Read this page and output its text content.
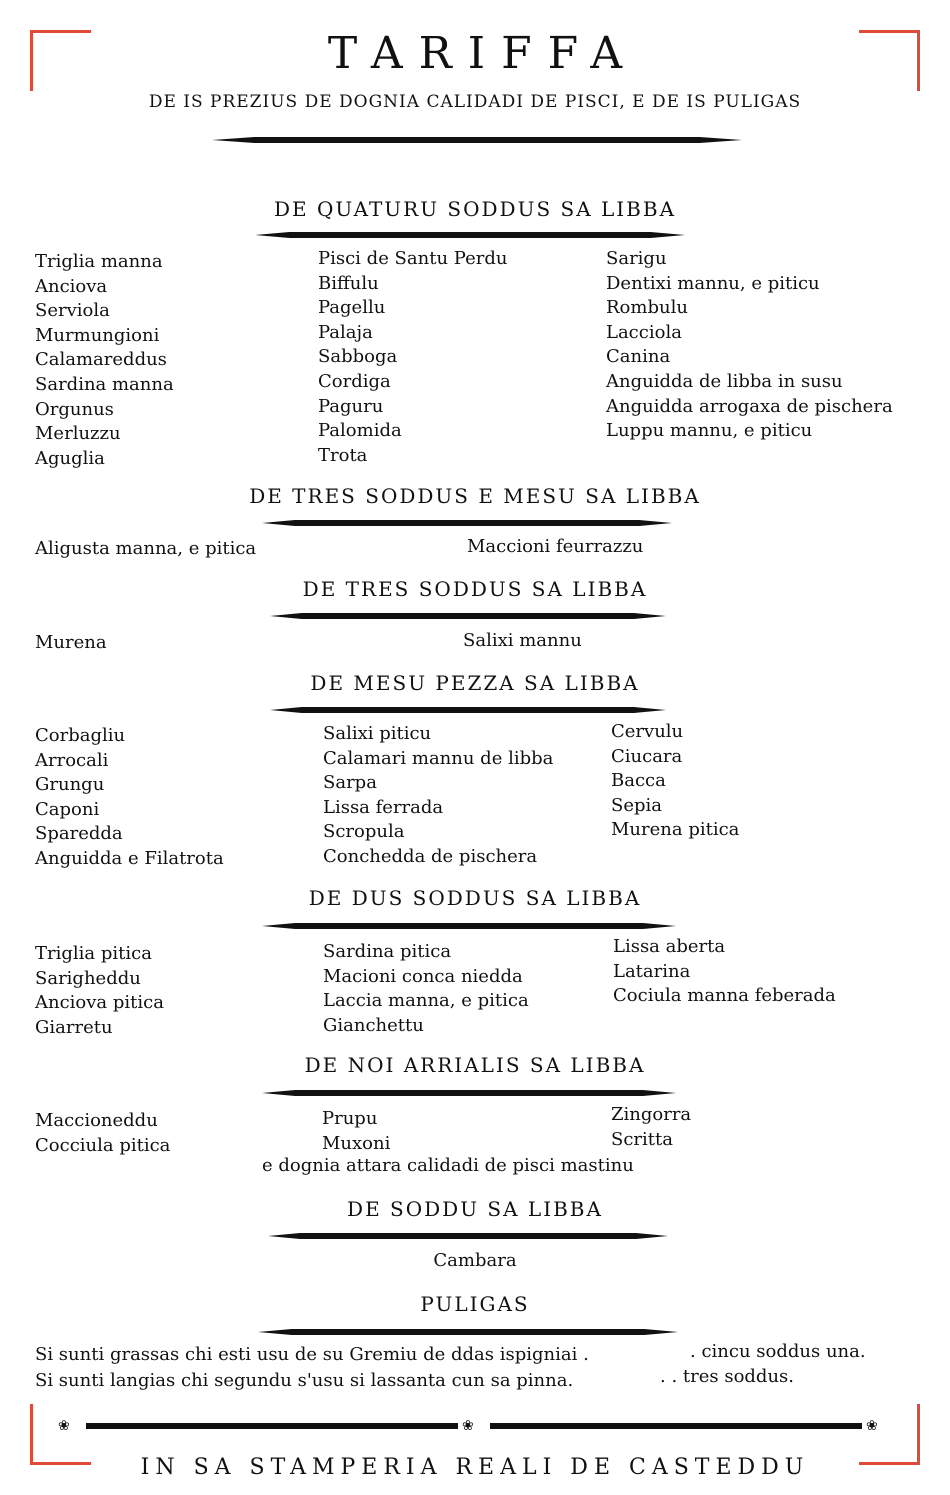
TARIFFA
DE IS PREZIUS DE DOGNIA CALIDADI DE PISCI, E DE IS PULIGAS
DE QUATURU SODDUS SA LIBBA
Triglia manna
Anciova
Serviola
Murmungioni
Calamareddus
Sardina manna
Orgunus
Merluzzu
Aguglia
Pisci de Santu Perdu
Biffulu
Pagellu
Palaja
Sabboga
Cordiga
Paguru
Palomida
Trota
Sarigu
Dentixi mannu, e piticu
Rombulu
Lacciola
Canina
Anguidda de libba in susu
Anguidda arrogaxa de pischera
Luppu mannu, e piticu
DE TRES SODDUS E MESU SA LIBBA
Aligusta manna, e pitica	Maccioni feurrazzu
DE TRES SODDUS SA LIBBA
Murena	Salixi mannu
DE MESU PEZZA SA LIBBA
Corbagliu
Arrocali
Grungu
Caponi
Sparedda
Anguidda e Filatrota
Salixi piticu
Calamari mannu de libba
Sarpa
Lissa ferrada
Scropula
Conchedda de pischera
Cervulu
Ciucara
Bacca
Sepia
Murena pitica
DE DUS SODDUS SA LIBBA
Triglia pitica
Sarigheddu
Anciova pitica
Giarretu
Sardina pitica
Macioni conca niedda
Laccia manna, e pitica
Gianchettu
Lissa aberta
Latarina
Cociula manna feberada
DE NOI ARRIALIS SA LIBBA
Maccioneddu
Cocciula pitica
Prupu
Muxoni
Zingorra
Scritta
e dognia attara calidadi de pisci mastinu
DE SODDU SA LIBBA
Cambara
PULIGAS
Si sunti grassas chi esti usu de su Gremiu de ddas ispigniai .	. cincu soddus una.
Si sunti langias chi segundu s'usu si lassanta cun sa pinna.	. . tres soddus.
❀	❀	❀
IN SA STAMPERIA REALI DE CASTEDDU
